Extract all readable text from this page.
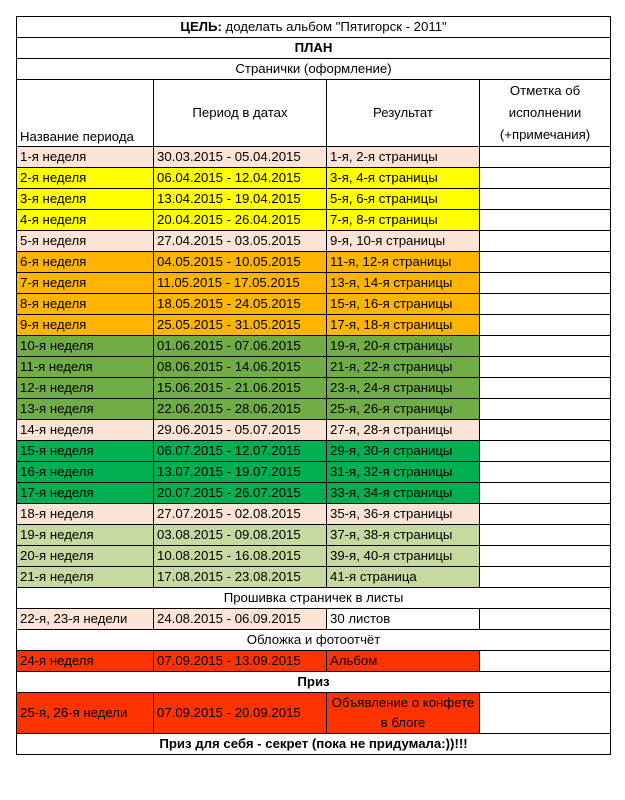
ЦЕЛЬ: доделать альбом "Пятигорск - 2011"			
ПЛАН			
Странички (оформление)			
Название периода	Период в датах	Результат	Отметка об исполнении (+примечания)
1-я неделя	30.03.2015 - 05.04.2015	1-я, 2-я страницы	
2-я неделя	06.04.2015 - 12.04.2015	3-я, 4-я страницы	
3-я неделя	13.04.2015 - 19.04.2015	5-я, 6-я страницы	
4-я неделя	20.04.2015 - 26.04.2015	7-я, 8-я страницы	
5-я неделя	27.04.2015 - 03.05.2015	9-я, 10-я страницы	
6-я неделя	04.05.2015 - 10.05.2015	11-я, 12-я страницы	
7-я неделя	11.05.2015 - 17.05.2015	13-я, 14-я страницы	
8-я неделя	18.05.2015 - 24.05.2015	15-я, 16-я страницы	
9-я неделя	25.05.2015 - 31.05.2015	17-я, 18-я страницы	
10-я неделя	01.06.2015 - 07.06.2015	19-я, 20-я страницы	
11-я неделя	08.06.2015 - 14.06.2015	21-я, 22-я страницы	
12-я неделя	15.06.2015 - 21.06.2015	23-я, 24-я страницы	
13-я неделя	22.06.2015 - 28.06.2015	25-я, 26-я страницы	
14-я неделя	29.06.2015 - 05.07.2015	27-я, 28-я страницы	
15-я неделя	06.07.2015 - 12.07.2015	29-я, 30-я страницы	
16-я неделя	13.07.2015 - 19.07.2015	31-я, 32-я страницы	
17-я неделя	20.07.2015 - 26.07.2015	33-я, 34-я страницы	
18-я неделя	27.07.2015 - 02.08.2015	35-я, 36-я страницы	
19-я неделя	03.08.2015 - 09.08.2015	37-я, 38-я страницы	
20-я неделя	10.08.2015 - 16.08.2015	39-я, 40-я страницы	
21-я неделя	17.08.2015 - 23.08.2015	41-я страница	
Прошивка страничек в листы			
22-я, 23-я недели	24.08.2015 - 06.09.2015	30 листов	
Обложка и фотоотчёт			
24-я неделя	07.09.2015 - 13.09.2015	Альбом	
Приз			
25-я, 26-я недели	07.09.2015 - 20.09.2015	Объявление о конфете в блоге	
Приз для себя - секрет (пока не придумала:))!!!			
